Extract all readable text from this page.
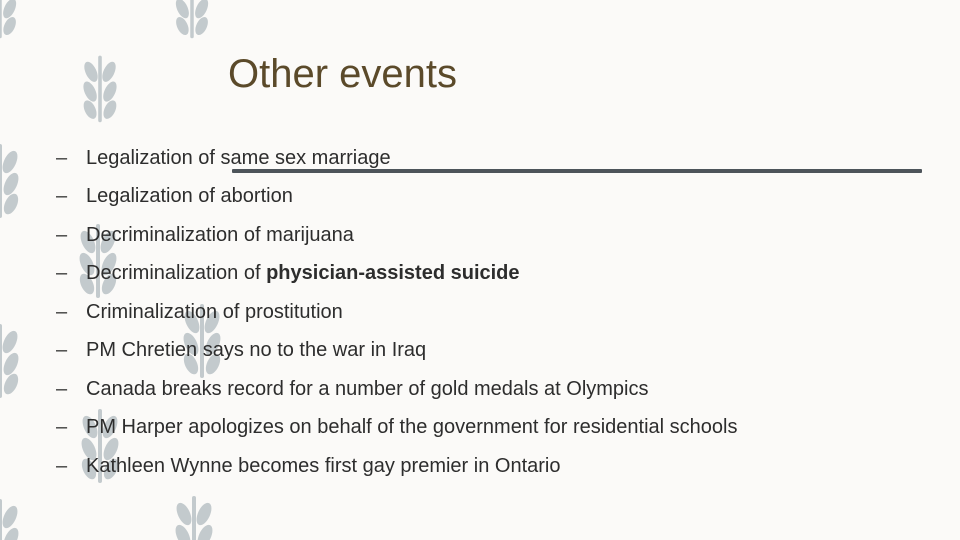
Other events
– Legalization of same sex marriage
– Legalization of abortion
– Decriminalization of marijuana
– Decriminalization of physician-assisted suicide
– Criminalization of prostitution
– PM Chretien says no to the war in Iraq
– Canada breaks record for a number of gold medals at Olympics
– PM Harper apologizes on behalf of the government for residential schools
– Kathleen Wynne becomes first gay premier in Ontario
